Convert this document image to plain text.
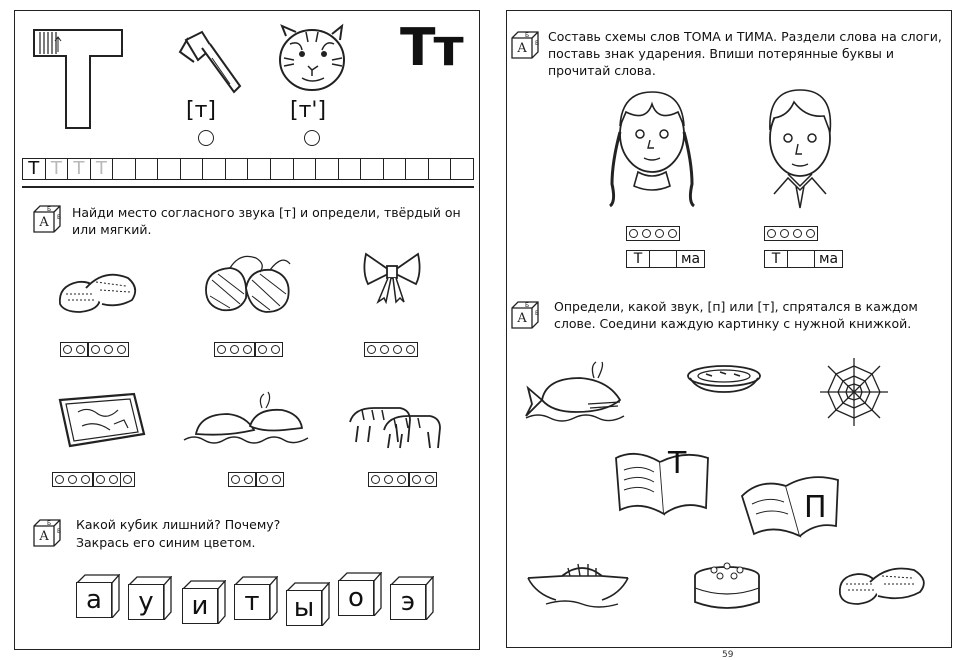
Тт
[т]	[т']
Т Т Т Т
А
Б
В Найди место согласного звука [т] и определи, твёрдый он или мягкий.
А
Б
В Какой кубик лишний? Почему?
Закрась его синим цветом.
а	у	и	т	ы	о	э
А
Б
В Составь схемы слов ТОМА и ТИМА. Раздели слова на слоги, поставь знак ударения. Впиши потерянные буквы и прочитай слова.
Т	ма	Т	ма
А
Б
В Определи, какой звук, [п] или [т], спрятался в каждом слове. Соедини каждую картинку с нужной книжкой.
Т
П
59
